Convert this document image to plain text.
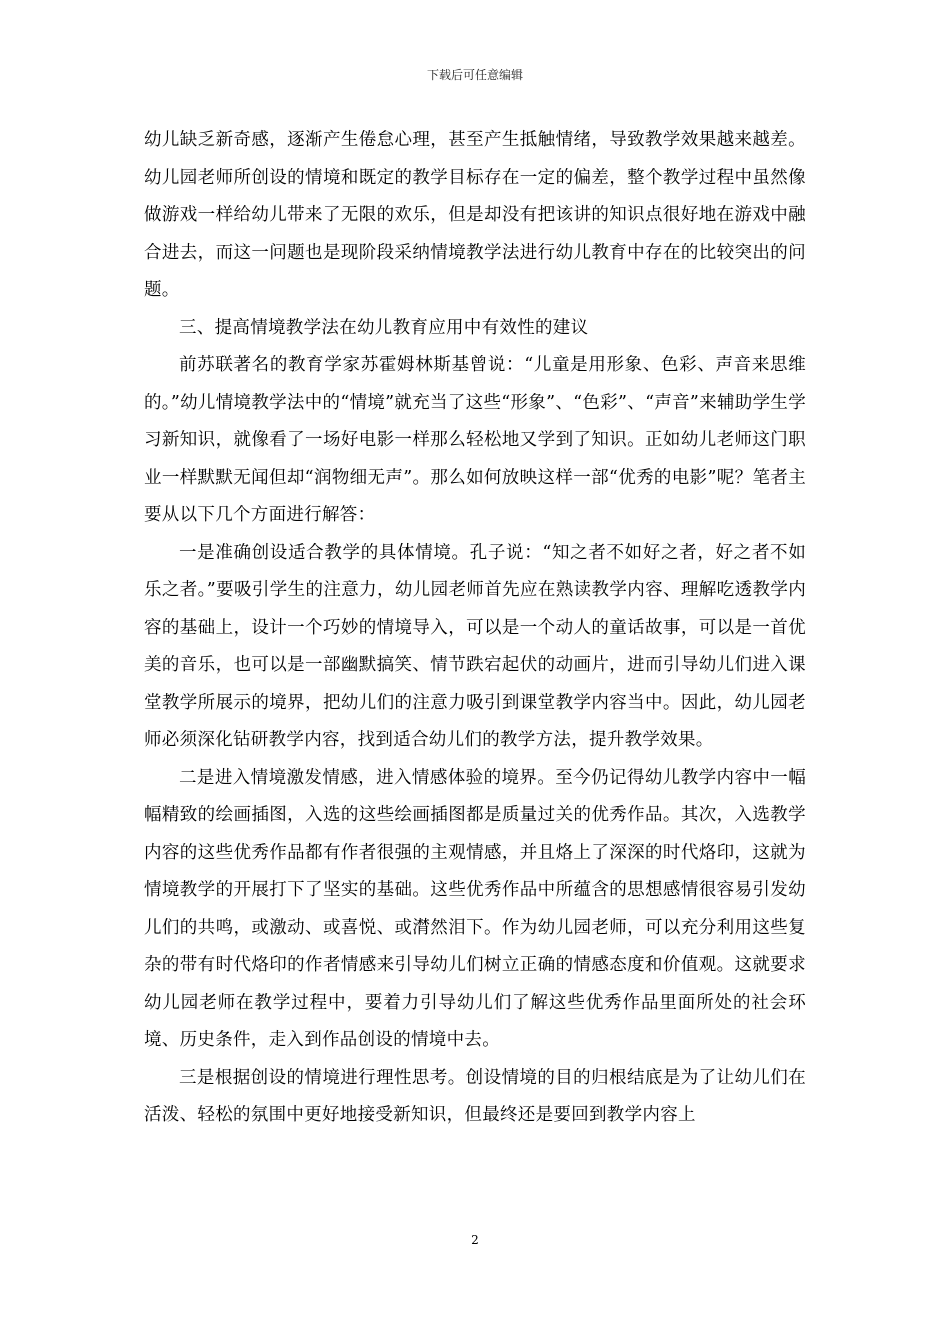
下载后可任意编辑

幼儿缺乏新奇感，逐渐产生倦怠心理，甚至产生抵触情绪，导致教学效果越来越差。幼儿园老师所创设的情境和既定的教学目标存在一定的偏差，整个教学过程中虽然像做游戏一样给幼儿带来了无限的欢乐，但是却没有把该讲的知识点很好地在游戏中融合进去，而这一问题也是现阶段采纳情境教学法进行幼儿教育中存在的比较突出的问题。

三、提高情境教学法在幼儿教育应用中有效性的建议

前苏联著名的教育学家苏霍姆林斯基曾说：“儿童是用形象、色彩、声音来思维的。”幼儿情境教学法中的“情境”就充当了这些“形象”、“色彩”、“声音”来辅助学生学习新知识，就像看了一场好电影一样那么轻松地又学到了知识。正如幼儿老师这门职业一样默默无闻但却“润物细无声”。那么如何放映这样一部“优秀的电影”呢？笔者主要从以下几个方面进行解答：

一是准确创设适合教学的具体情境。孔子说：“知之者不如好之者，好之者不如乐之者。”要吸引学生的注意力，幼儿园老师首先应在熟读教学内容、理解吃透教学内容的基础上，设计一个巧妙的情境导入，可以是一个动人的童话故事，可以是一首优美的音乐，也可以是一部幽默搞笑、情节跌宕起伏的动画片，进而引导幼儿们进入课堂教学所展示的境界，把幼儿们的注意力吸引到课堂教学内容当中。因此，幼儿园老师必须深化钻研教学内容，找到适合幼儿们的教学方法，提升教学效果。

二是进入情境激发情感，进入情感体验的境界。至今仍记得幼儿教学内容中一幅幅精致的绘画插图，入选的这些绘画插图都是质量过关的优秀作品。其次，入选教学内容的这些优秀作品都有作者很强的主观情感，并且烙上了深深的时代烙印，这就为情境教学的开展打下了坚实的基础。这些优秀作品中所蕴含的思想感情很容易引发幼儿们的共鸣，或激动、或喜悦、或潸然泪下。作为幼儿园老师，可以充分利用这些复杂的带有时代烙印的作者情感来引导幼儿们树立正确的情感态度和价值观。这就要求幼儿园老师在教学过程中，要着力引导幼儿们了解这些优秀作品里面所处的社会环境、历史条件，走入到作品创设的情境中去。

三是根据创设的情境进行理性思考。创设情境的目的归根结底是为了让幼儿们在活泼、轻松的氛围中更好地接受新知识，但最终还是要回到教学内容上

2
